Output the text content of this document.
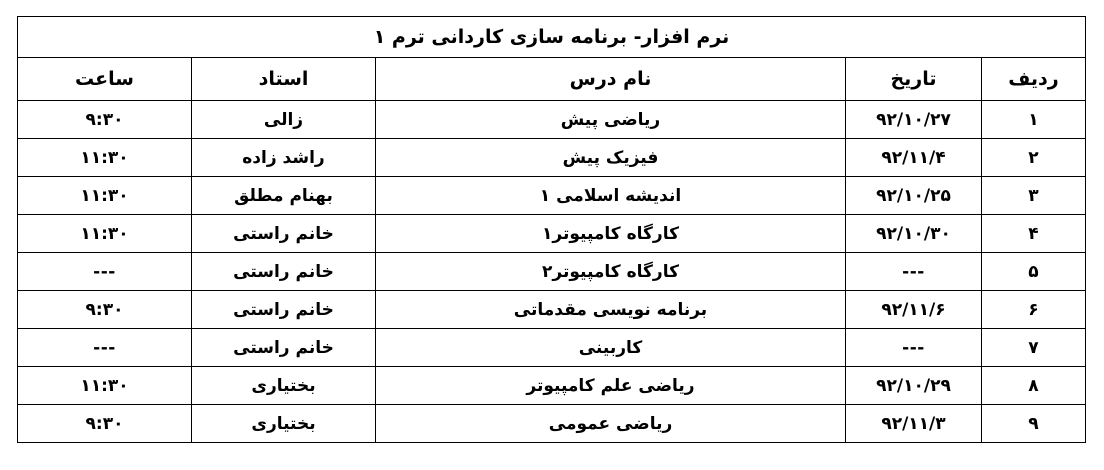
نرم افزار- برنامه سازی کاردانی ترم ۱				
ردیف	تاریخ	نام درس	استاد	ساعت
۱	۹۲/۱۰/۲۷	ریاضی پیش	زالی	۹:۳۰
۲	۹۲/۱۱/۴	فیزیک پیش	راشد زاده	۱۱:۳۰
۳	۹۲/۱۰/۲۵	اندیشه اسلامی ۱	بهنام مطلق	۱۱:۳۰
۴	۹۲/۱۰/۳۰	کارگاه کامپیوتر۱	خانم راستی	۱۱:۳۰
۵	---	کارگاه کامپیوتر۲	خانم راستی	---
۶	۹۲/۱۱/۶	برنامه نویسی مقدماتی	خانم راستی	۹:۳۰
۷	---	کاربینی	خانم راستی	---
۸	۹۲/۱۰/۲۹	ریاضی علم کامپیوتر	بختیاری	۱۱:۳۰
۹	۹۲/۱۱/۳	ریاضی عمومی	بختیاری	۹:۳۰
